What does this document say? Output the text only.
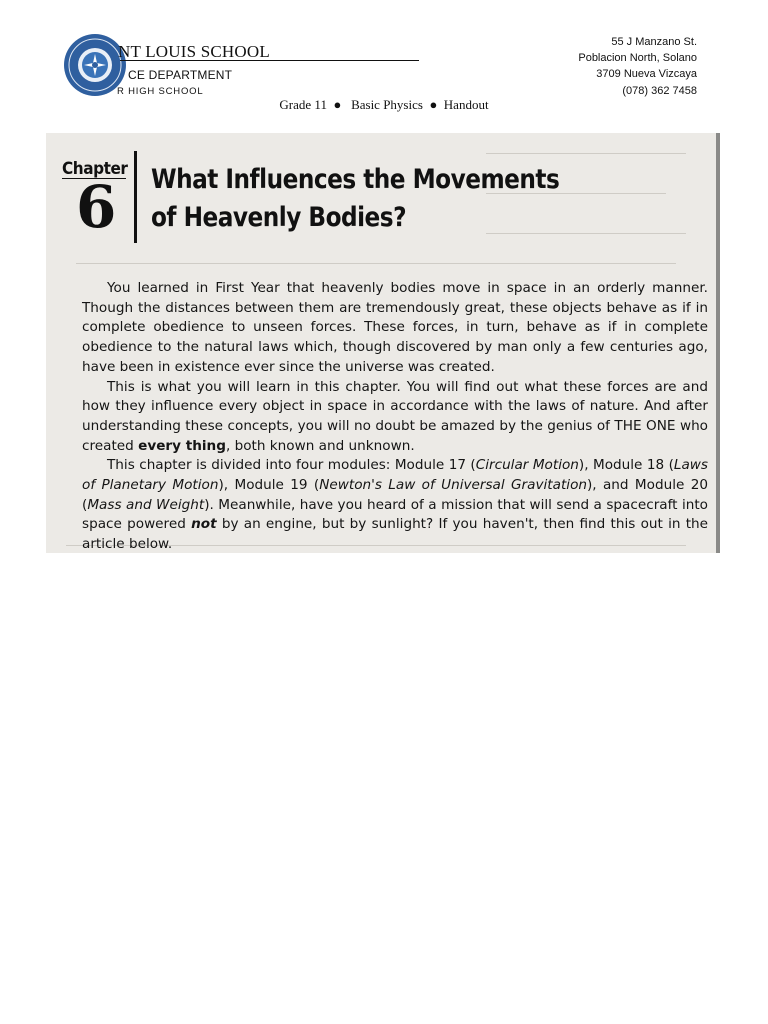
NT LOUIS SCHOOL
CE DEPARTMENT
R HIGH SCHOOL
55 J Manzano St.
Poblacion North, Solano
3709 Nueva Vizcaya
(078) 362 7458
Grade 11 ● Basic Physics ● Handout
Chapter
6 What Influences the Movements
of Heavenly Bodies?

You learned in First Year that heavenly bodies move in space in an orderly manner. Though the distances between them are tremendously great, these objects behave as if in complete obedience to unseen forces. These forces, in turn, behave as if in complete obedience to the natural laws which, though discovered by man only a few centuries ago, have been in existence ever since the universe was created.

This is what you will learn in this chapter. You will find out what these forces are and how they influence every object in space in accordance with the laws of nature. And after understanding these concepts, you will no doubt be amazed by the genius of THE ONE who created every thing, both known and unknown.

This chapter is divided into four modules: Module 17 (Circular Motion), Module 18 (Laws of Planetary Motion), Module 19 (Newton's Law of Universal Gravitation), and Module 20 (Mass and Weight). Meanwhile, have you heard of a mission that will send a spacecraft into space powered not by an engine, but by sunlight? If you haven't, then find this out in the article below.
